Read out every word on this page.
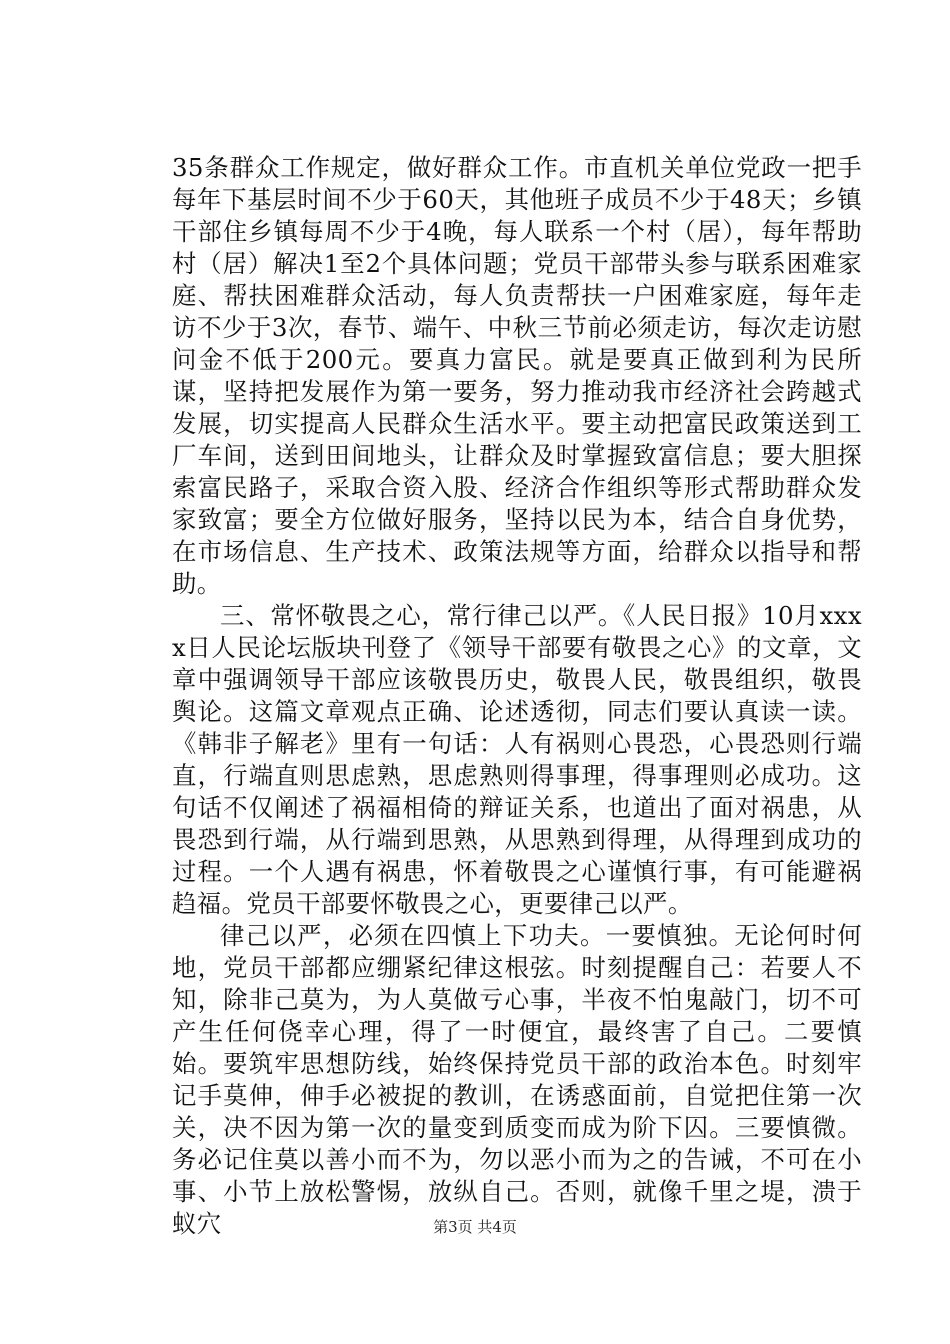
35条群众工作规定，做好群众工作。市直机关单位党政一把手每年下基层时间不少于60天，其他班子成员不少于48天；乡镇干部住乡镇每周不少于4晚，每人联系一个村（居），每年帮助村（居）解决1至2个具体问题；党员干部带头参与联系困难家庭、帮扶困难群众活动，每人负责帮扶一户困难家庭，每年走访不少于3次，春节、端午、中秋三节前必须走访，每次走访慰问金不低于200元。要真力富民。就是要真正做到利为民所谋，坚持把发展作为第一要务，努力推动我市经济社会跨越式发展，切实提高人民群众生活水平。要主动把富民政策送到工厂车间，送到田间地头，让群众及时掌握致富信息；要大胆探索富民路子，采取合资入股、经济合作组织等形式帮助群众发家致富；要全方位做好服务，坚持以民为本，结合自身优势，在市场信息、生产技术、政策法规等方面，给群众以指导和帮助。

三、常怀敬畏之心，常行律己以严。《人民日报》10月xxxx日人民论坛版块刊登了《领导干部要有敬畏之心》的文章，文章中强调领导干部应该敬畏历史，敬畏人民，敬畏组织，敬畏舆论。这篇文章观点正确、论述透彻，同志们要认真读一读。《韩非子解老》里有一句话：人有祸则心畏恐，心畏恐则行端直，行端直则思虑熟，思虑熟则得事理，得事理则必成功。这句话不仅阐述了祸福相倚的辩证关系，也道出了面对祸患，从畏恐到行端，从行端到思熟，从思熟到得理，从得理到成功的过程。一个人遇有祸患，怀着敬畏之心谨慎行事，有可能避祸趋福。党员干部要怀敬畏之心，更要律己以严。

律己以严，必须在四慎上下功夫。一要慎独。无论何时何地，党员干部都应绷紧纪律这根弦。时刻提醒自己：若要人不知，除非己莫为，为人莫做亏心事，半夜不怕鬼敲门，切不可产生任何侥幸心理，得了一时便宜，最终害了自己。二要慎始。要筑牢思想防线，始终保持党员干部的政治本色。时刻牢记手莫伸，伸手必被捉的教训，在诱惑面前，自觉把住第一次关，决不因为第一次的量变到质变而成为阶下囚。三要慎微。务必记住莫以善小而不为，勿以恶小而为之的告诫，不可在小事、小节上放松警惕，放纵自己。否则，就像千里之堤，溃于蚁穴	第3页 共4页
